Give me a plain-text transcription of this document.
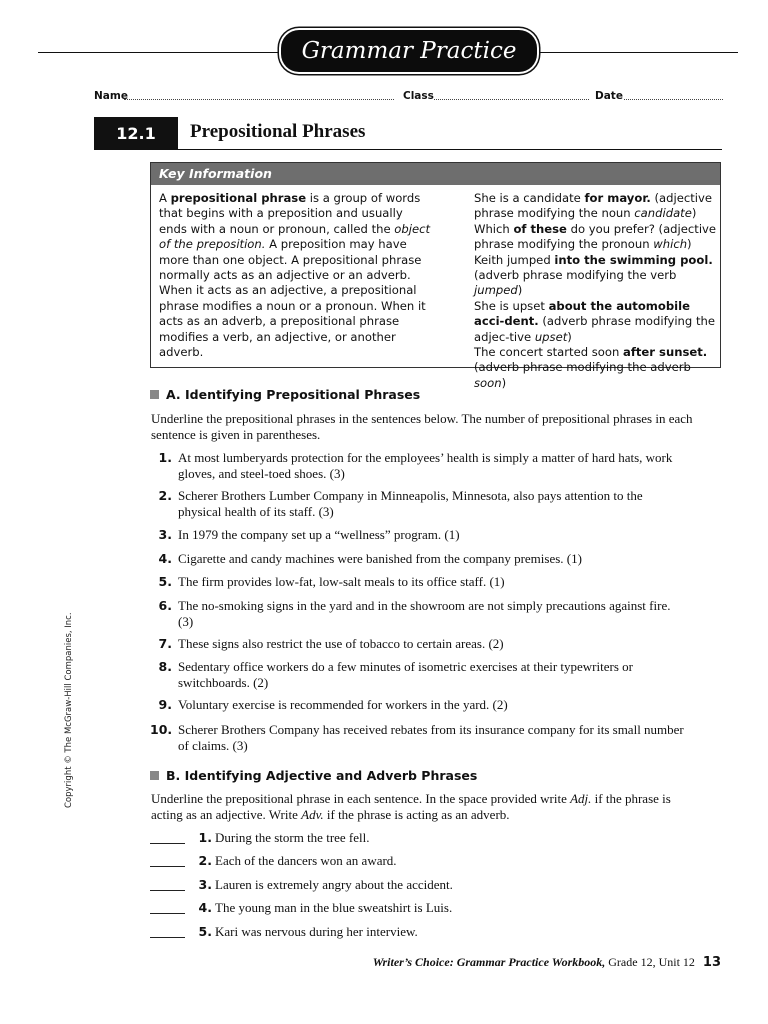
Grammar Practice
Name	Class	Date
12.1	Prepositional Phrases
Key Information
A prepositional phrase is a group of words that begins with a preposition and usually ends with a noun or pronoun, called the object of the preposition. A preposition may have more than one object. A prepositional phrase normally acts as an adjective or an adverb. When it acts as an adjective, a prepositional phrase modifies a noun or a pronoun. When it acts as an adverb, a prepositional phrase modifies a verb, an adjective, or another adverb.
She is a candidate for mayor. (adjective phrase modifying the noun candidate)
Which of these do you prefer? (adjective phrase modifying the pronoun which)
Keith jumped into the swimming pool. (adverb phrase modifying the verb jumped)
She is upset about the automobile acci-dent. (adverb phrase modifying the adjec-tive upset)
The concert started soon after sunset. (adverb phrase modifying the adverb soon)
A. Identifying Prepositional Phrases
Underline the prepositional phrases in the sentences below. The number of prepositional phrases in each sentence is given in parentheses.
1. At most lumberyards protection for the employees’ health is simply a matter of hard hats, work gloves, and steel-toed shoes. (3)
2. Scherer Brothers Lumber Company in Minneapolis, Minnesota, also pays attention to the physical health of its staff. (3)
3. In 1979 the company set up a “wellness” program. (1)
4. Cigarette and candy machines were banished from the company premises. (1)
5. The firm provides low-fat, low-salt meals to its office staff. (1)
6. The no-smoking signs in the yard and in the showroom are not simply precautions against fire. (3)
7. These signs also restrict the use of tobacco to certain areas. (2)
8. Sedentary office workers do a few minutes of isometric exercises at their typewriters or switchboards. (2)
9. Voluntary exercise is recommended for workers in the yard. (2)
10. Scherer Brothers Company has received rebates from its insurance company for its small number of claims. (3)
B. Identifying Adjective and Adverb Phrases
Underline the prepositional phrase in each sentence. In the space provided write Adj. if the phrase is acting as an adjective. Write Adv. if the phrase is acting as an adverb.
1. During the storm the tree fell.
2. Each of the dancers won an award.
3. Lauren is extremely angry about the accident.
4. The young man in the blue sweatshirt is Luis.
5. Kari was nervous during her interview.
Copyright © The McGraw-Hill Companies, Inc.
Writer’s Choice: Grammar Practice Workbook, Grade 12, Unit 12 13
